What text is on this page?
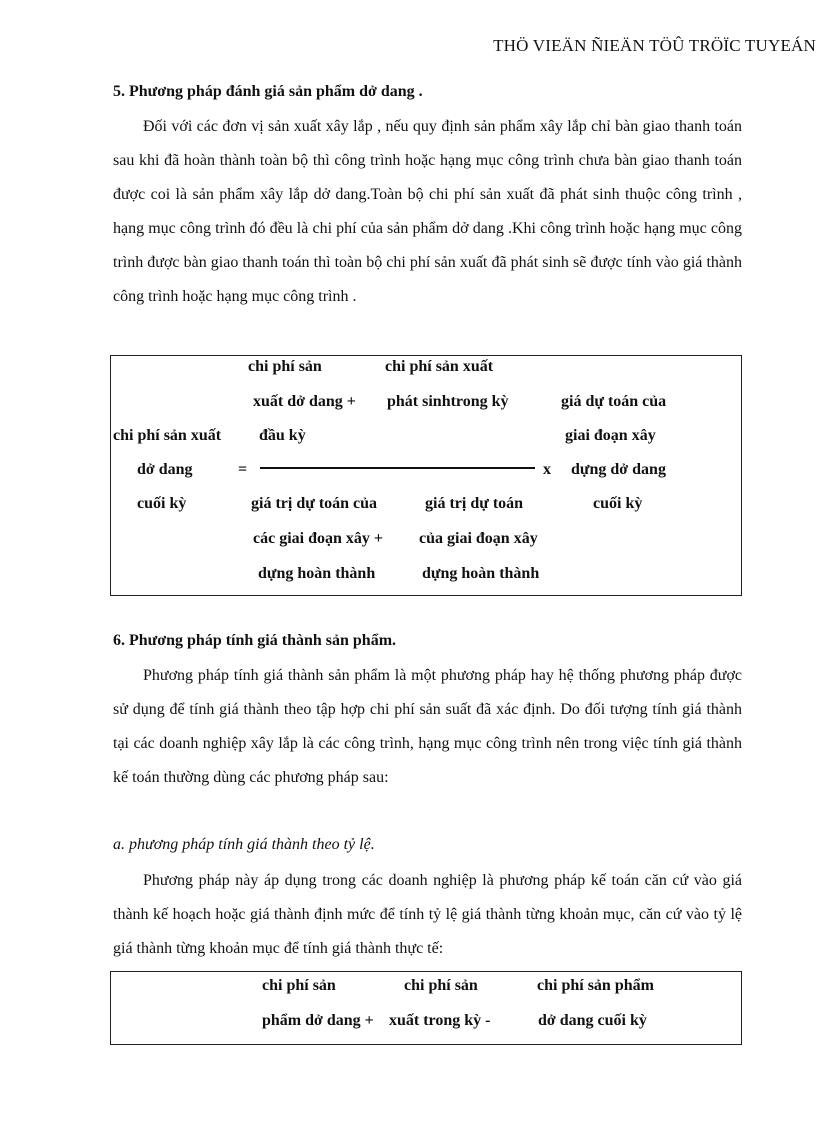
THÖ VIEÄN ÑIEÄN TÖÛ TRÖÏC TUYEÁN
5. Phương pháp đánh giá sản phẩm dở dang .

Đối với các đơn vị sản xuất xây lắp , nếu quy định sản phẩm xây lắp chỉ bàn giao thanh toán sau khi đã hoàn thành toàn bộ thì công trình hoặc hạng mục công trình chưa bàn giao thanh toán được coi là sản phẩm xây lắp dở dang.Toàn bộ chi phí sản xuất đã phát sinh thuộc công trình , hạng mục công trình đó đều là chi phí của sản phẩm dở dang .Khi công trình hoặc hạng mục công trình được bàn giao thanh toán thì toàn bộ chi phí sản xuất đã phát sinh sẽ được tính vào giá thành công trình hoặc hạng mục công trình .

chi phí sản	chi phí sản xuất
xuất dở dang + phát sinhtrong kỳ	giá dự toán của
chi phí sản xuất đầu kỳ	giai đoạn xây
dở dang	=	x dựng dở dang
cuối kỳ	giá trị dự toán của	giá trị dự toán	cuối kỳ
các giai đoạn xây + của giai đoạn xây
dựng hoàn thành	dựng hoàn thành
6. Phương pháp tính giá thành sản phẩm.

Phương pháp tính giá thành sản phẩm là một phương pháp hay hệ thống phương pháp được sử dụng để tính giá thành theo tập hợp chi phí sản suất đã xác định. Do đối tượng tính giá thành tại các doanh nghiệp xây lắp là các công trình, hạng mục công trình nên trong việc tính giá thành kế toán thường dùng các phương pháp sau:

a. phương pháp tính giá thành theo tỷ lệ.

Phương pháp này áp dụng trong các doanh nghiệp là phương pháp kế toán căn cứ vào giá thành kế hoạch hoặc giá thành định mức để tính tỷ lệ giá thành từng khoản mục, căn cứ vào tỷ lệ giá thành từng khoản mục để tính giá thành thực tế:

chi phí sản	chi phí sản	chi phí sản phẩm
phẩm dở dang + xuất trong kỳ -	dở dang cuối kỳ
